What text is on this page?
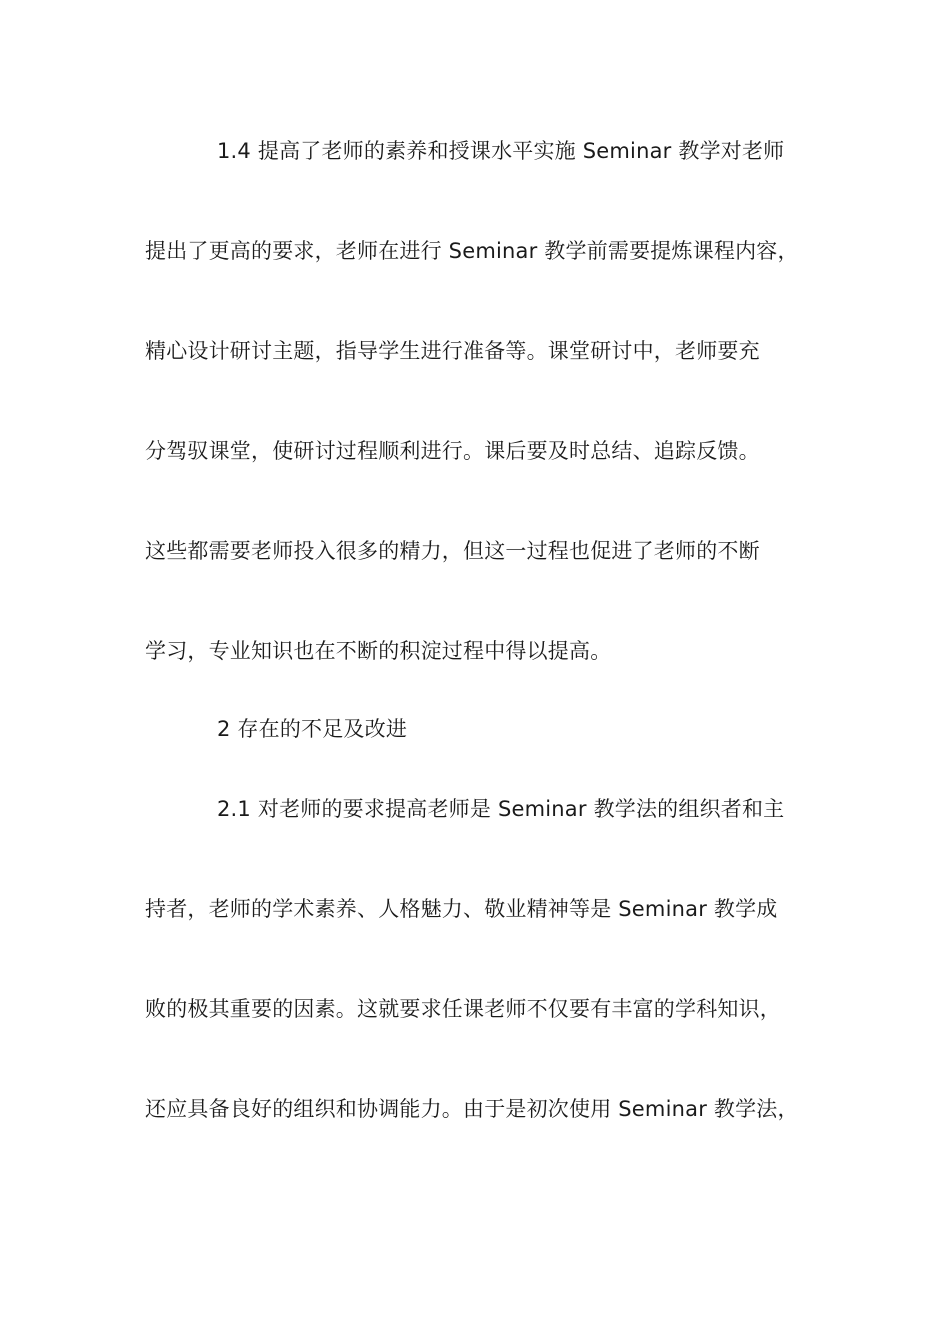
1.4 提高了老师的素养和授课水平实施 Seminar 教学对老师
提出了更高的要求，老师在进行 Seminar 教学前需要提炼课程内容，
精心设计研讨主题，指导学生进行准备等。课堂研讨中，老师要充
分驾驭课堂，使研讨过程顺利进行。课后要及时总结、追踪反馈。
这些都需要老师投入很多的精力，但这一过程也促进了老师的不断
学习，专业知识也在不断的积淀过程中得以提高。
2 存在的不足及改进
2.1 对老师的要求提高老师是 Seminar 教学法的组织者和主
持者，老师的学术素养、人格魅力、敬业精神等是 Seminar 教学成
败的极其重要的因素。这就要求任课老师不仅要有丰富的学科知识，
还应具备良好的组织和协调能力。由于是初次使用 Seminar 教学法，
